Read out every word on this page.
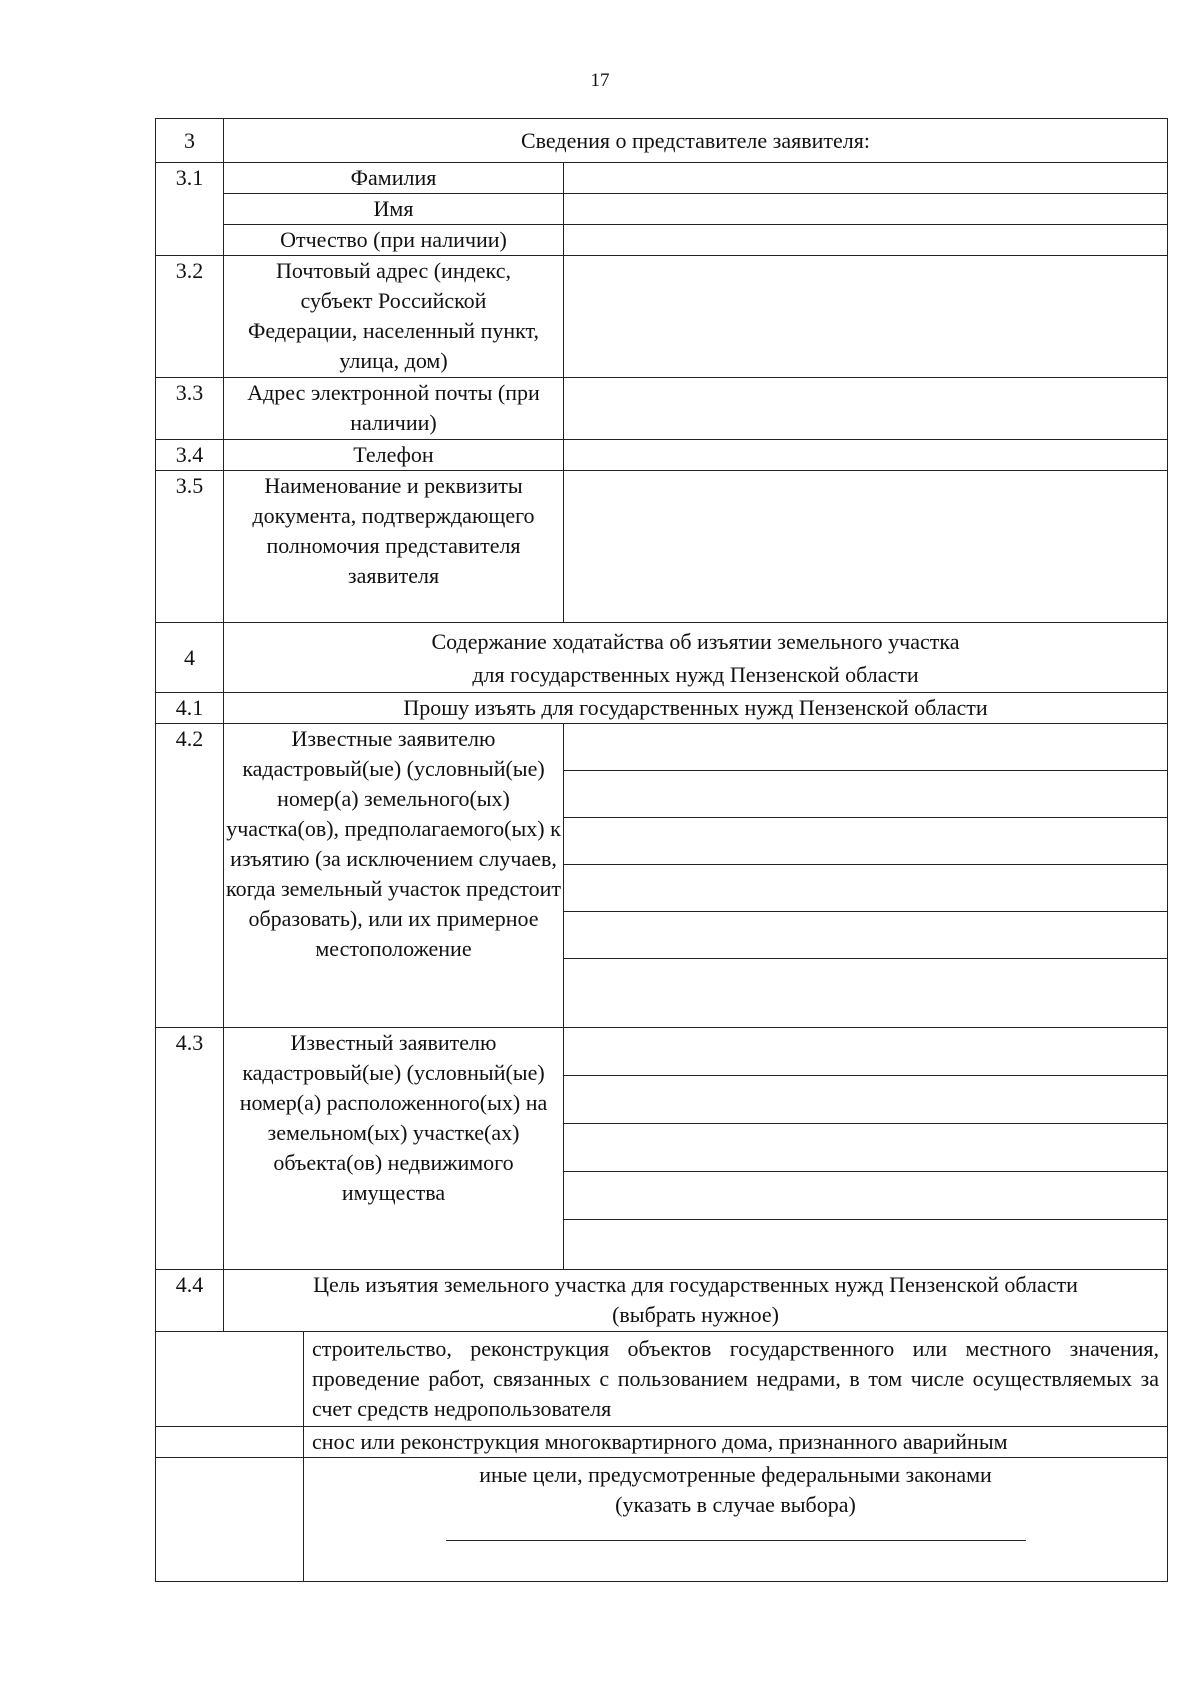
17
3	Сведения о представителе заявителя:		
3.1	Фамилия		
	Имя		
	Отчество (при наличии)		
3.2	Почтовый адрес (индекс, субъект Российской Федерации, населенный пункт, улица, дом)		
3.3	Адрес электронной почты (при наличии)		
3.4	Телефон		
3.5	Наименование и реквизиты документа, подтверждающего полномочия представителя заявителя		
4	Содержание ходатайства об изъятии земельного участка
для государственных нужд Пензенской области		

4.1	Прошу изъять для государственных нужд Пензенской области		
4.2	Известные заявителю кадастровый(ые) (условный(ые) номер(а) земельного(ых) участка(ов), предполагаемого(ых) к изъятию (за исключением случаев, когда земельный участок предстоит образовать), или их примерное местоположение		

4.3	Известный заявителю кадастровый(ые) (условный(ые) номер(а) расположенного(ых) на земельном(ых) участке(ах) объекта(ов) недвижимого имущества		

4.4	Цель изъятия земельного участка для государственных нужд Пензенской области
(выбрать нужное)		

		строительство, реконструкция объектов государственного или местного значения, проведение работ, связанных с пользованием недрами, в том числе осуществляемых за счет средств недропользователя	
		снос или реконструкция многоквартирного дома, признанного аварийным	

		иные цели, предусмотренные федеральными законами
(указать в случае выбора)	
